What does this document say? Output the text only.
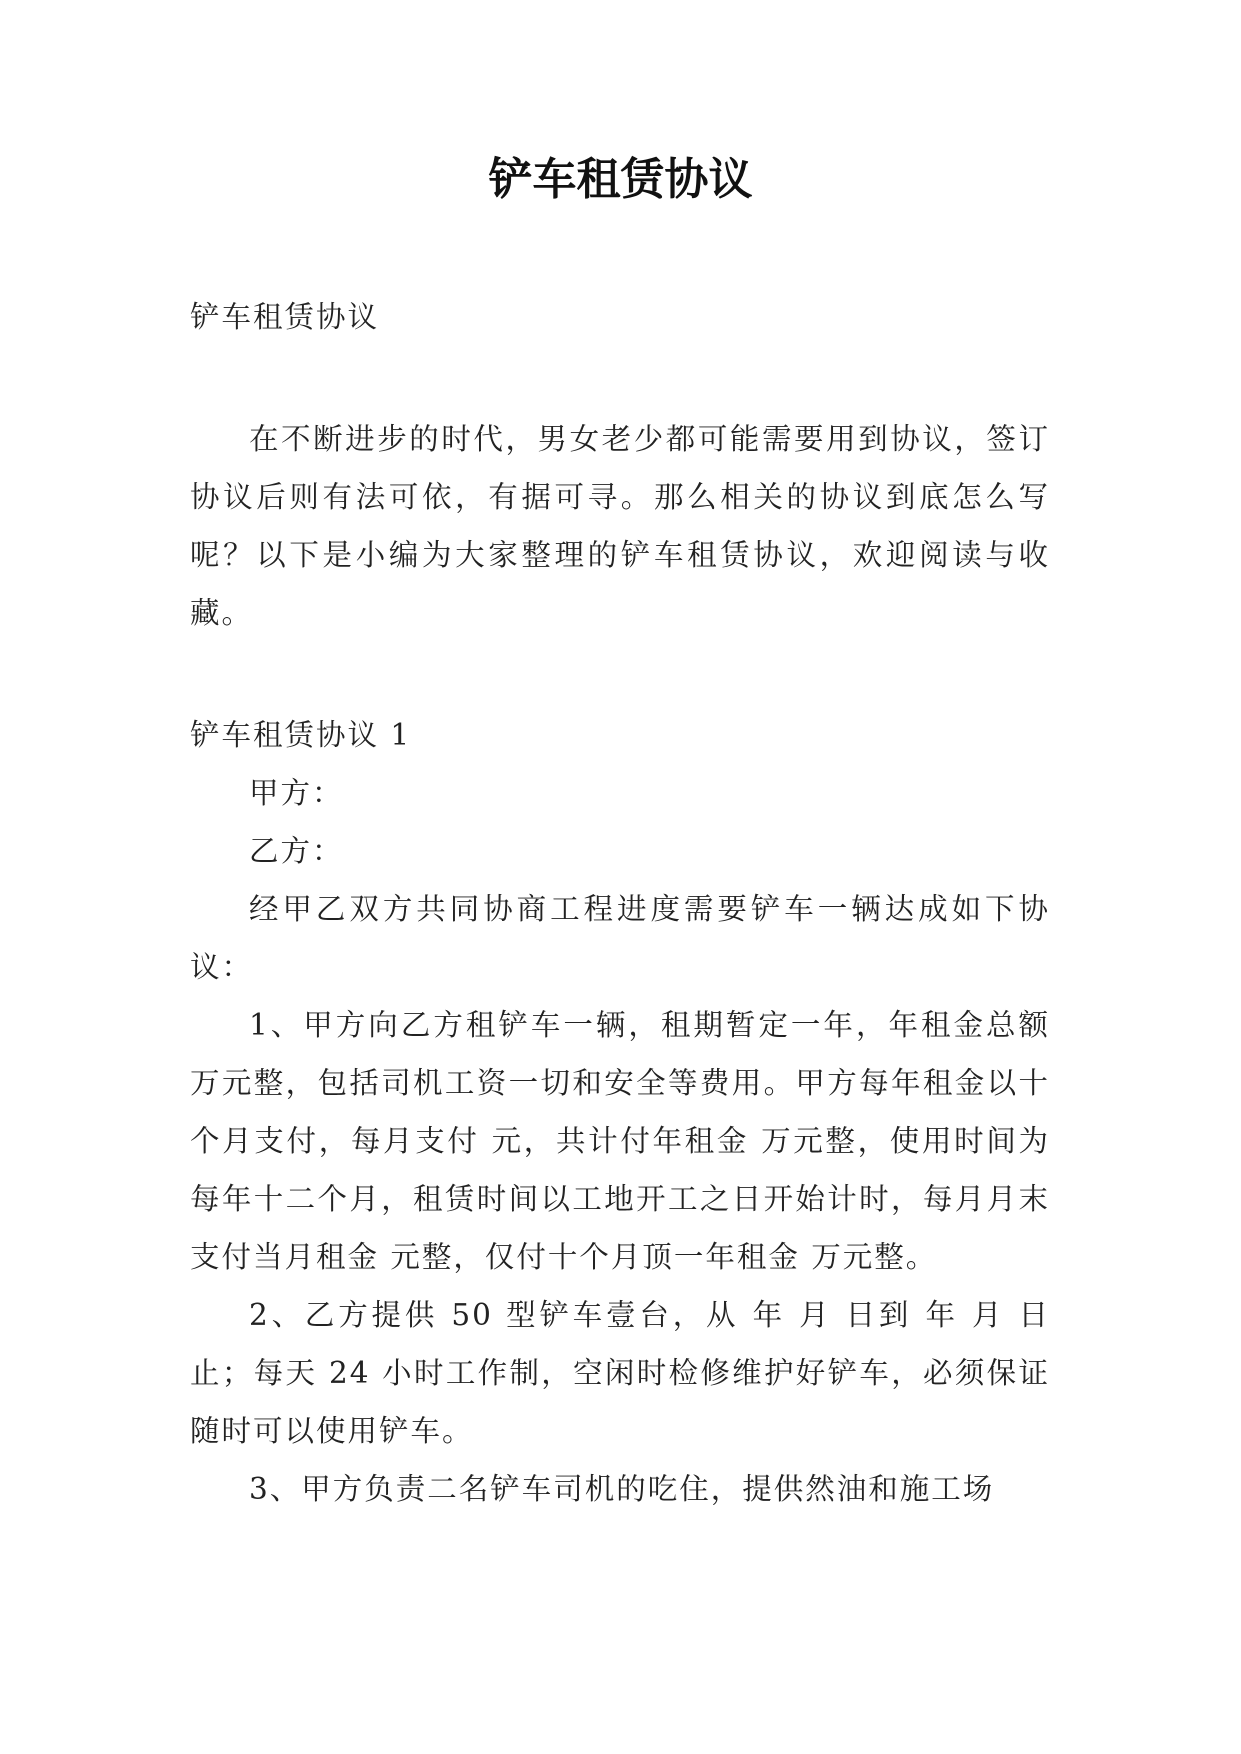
铲车租赁协议

铲车租赁协议

在不断进步的时代，男女老少都可能需要用到协议，签订协议后则有法可依，有据可寻。那么相关的协议到底怎么写呢？以下是小编为大家整理的铲车租赁协议，欢迎阅读与收藏。

铲车租赁协议 1

甲方：

乙方：

经甲乙双方共同协商工程进度需要铲车一辆达成如下协议：

1、甲方向乙方租铲车一辆，租期暂定一年，年租金总额万元整，包括司机工资一切和安全等费用。甲方每年租金以十个月支付，每月支付 元，共计付年租金 万元整，使用时间为每年十二个月，租赁时间以工地开工之日开始计时，每月月末支付当月租金 元整，仅付十个月顶一年租金 万元整。

2、乙方提供 50 型铲车壹台，从 年 月 日到 年 月 日止；每天 24 小时工作制，空闲时检修维护好铲车，必须保证随时可以使用铲车。

3、甲方负责二名铲车司机的吃住，提供然油和施工场
